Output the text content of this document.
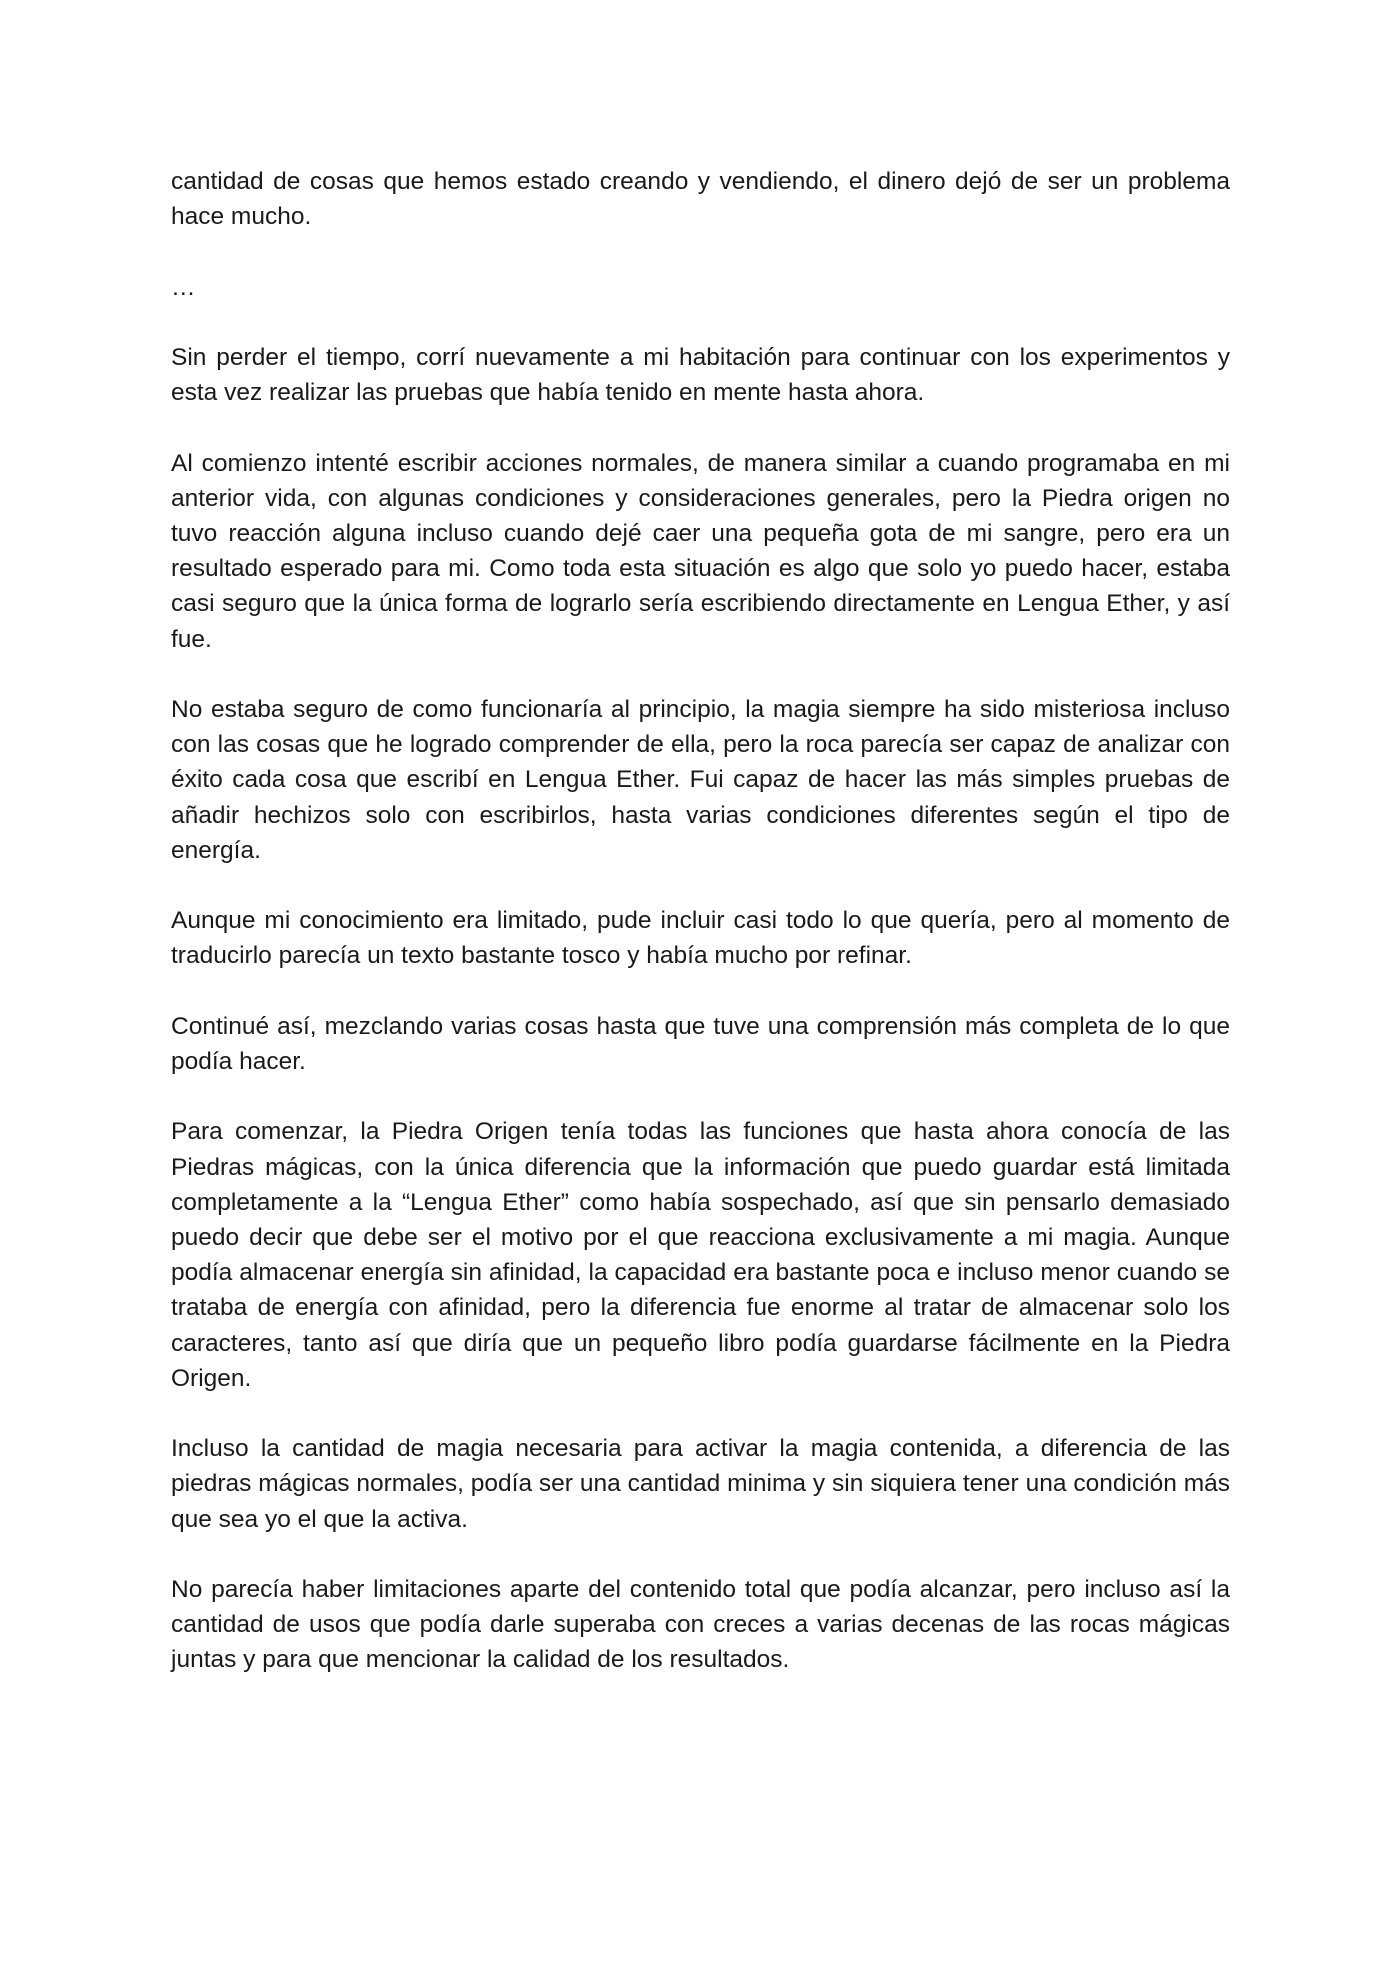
cantidad de cosas que hemos estado creando y vendiendo, el dinero dejó de ser un problema hace mucho.

…

Sin perder el tiempo, corrí nuevamente a mi habitación para continuar con los experimentos y esta vez realizar las pruebas que había tenido en mente hasta ahora.

Al comienzo intenté escribir acciones normales, de manera similar a cuando programaba en mi anterior vida, con algunas condiciones y consideraciones generales, pero la Piedra origen no tuvo reacción alguna incluso cuando dejé caer una pequeña gota de mi sangre, pero era un resultado esperado para mi. Como toda esta situación es algo que solo yo puedo hacer, estaba casi seguro que la única forma de lograrlo sería escribiendo directamente en Lengua Ether, y así fue.

No estaba seguro de como funcionaría al principio, la magia siempre ha sido misteriosa incluso con las cosas que he logrado comprender de ella, pero la roca parecía ser capaz de analizar con éxito cada cosa que escribí en Lengua Ether. Fui capaz de hacer las más simples pruebas de añadir hechizos solo con escribirlos, hasta varias condiciones diferentes según el tipo de energía.

Aunque mi conocimiento era limitado, pude incluir casi todo lo que quería, pero al momento de traducirlo parecía un texto bastante tosco y había mucho por refinar.

Continué así, mezclando varias cosas hasta que tuve una comprensión más completa de lo que podía hacer.

Para comenzar, la Piedra Origen tenía todas las funciones que hasta ahora conocía de las Piedras mágicas, con la única diferencia que la información que puedo guardar está limitada completamente a la “Lengua Ether” como había sospechado, así que sin pensarlo demasiado puedo decir que debe ser el motivo por el que reacciona exclusivamente a mi magia. Aunque podía almacenar energía sin afinidad, la capacidad era bastante poca e incluso menor cuando se trataba de energía con afinidad, pero la diferencia fue enorme al tratar de almacenar solo los caracteres, tanto así que diría que un pequeño libro podía guardarse fácilmente en la Piedra Origen.

Incluso la cantidad de magia necesaria para activar la magia contenida, a diferencia de las piedras mágicas normales, podía ser una cantidad minima y sin siquiera tener una condición más que sea yo el que la activa.

No parecía haber limitaciones aparte del contenido total que podía alcanzar, pero incluso así la cantidad de usos que podía darle superaba con creces a varias decenas de las rocas mágicas juntas y para que mencionar la calidad de los resultados.
